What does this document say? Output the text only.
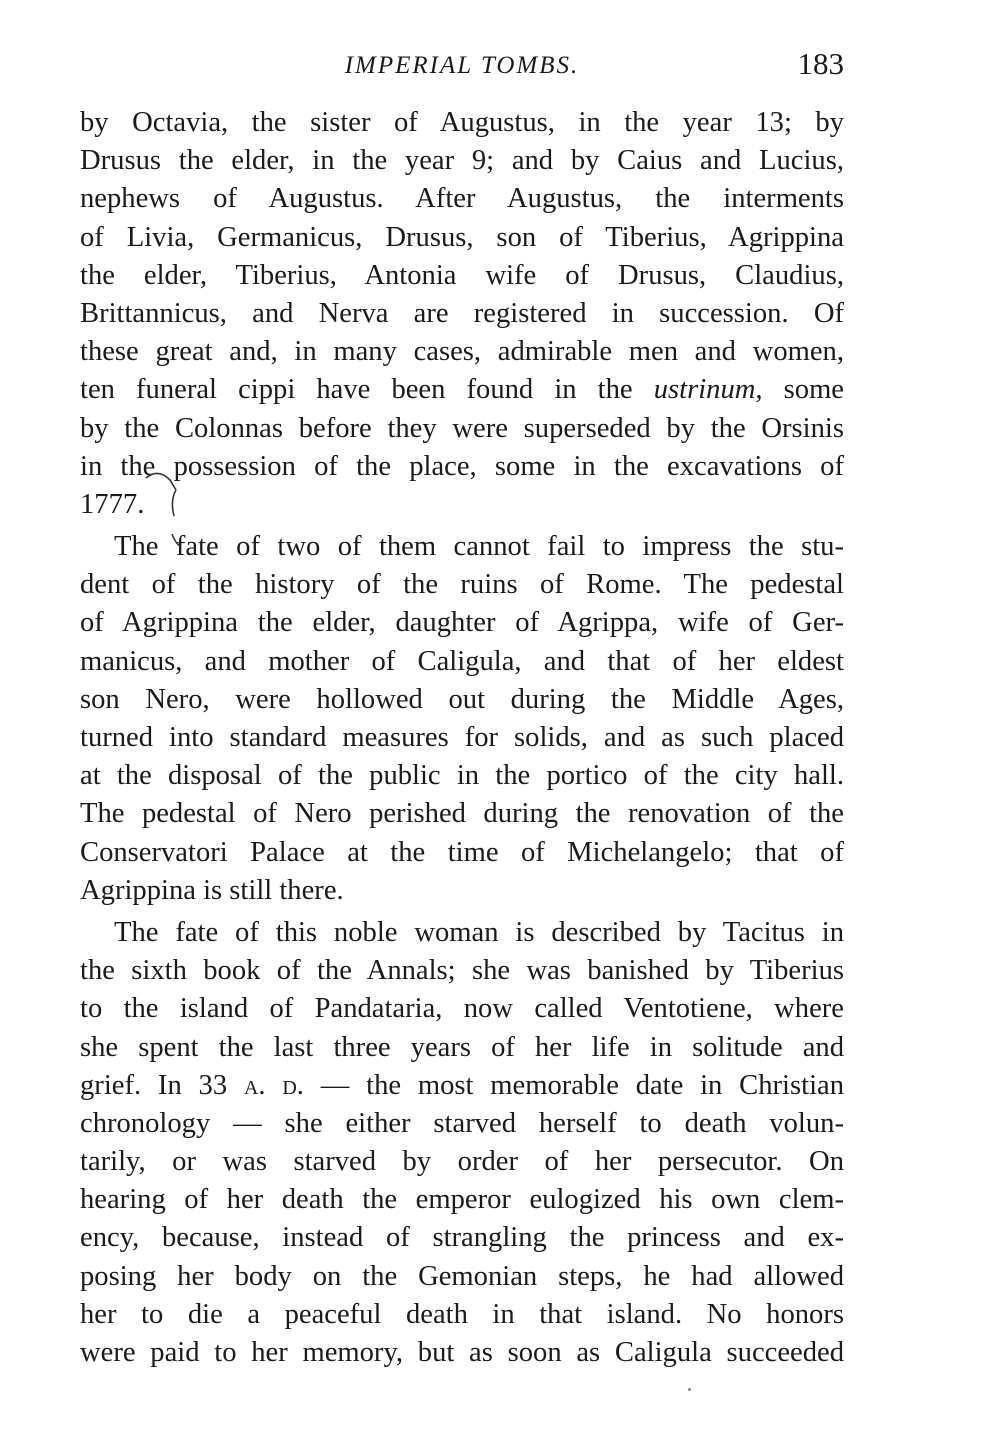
IMPERIAL TOMBS.	183
by Octavia, the sister of Augustus, in the year 13; by
Drusus the elder, in the year 9; and by Caius and Lucius,
nephews of Augustus. After Augustus, the interments
of Livia, Germanicus, Drusus, son of Tiberius, Agrippina
the elder, Tiberius, Antonia wife of Drusus, Claudius,
Brittannicus, and Nerva are registered in succession. Of
these great and, in many cases, admirable men and women,
ten funeral cippi have been found in the ustrinum, some
by the Colonnas before they were superseded by the Orsinis
in the possession of the place, some in the excavations of
1777.
The fate of two of them cannot fail to impress the stu-
dent of the history of the ruins of Rome. The pedestal
of Agrippina the elder, daughter of Agrippa, wife of Ger-
manicus, and mother of Caligula, and that of her eldest
son Nero, were hollowed out during the Middle Ages,
turned into standard measures for solids, and as such placed
at the disposal of the public in the portico of the city hall.
The pedestal of Nero perished during the renovation of the
Conservatori Palace at the time of Michelangelo; that of
Agrippina is still there.
The fate of this noble woman is described by Tacitus in
the sixth book of the Annals; she was banished by Tiberius
to the island of Pandataria, now called Ventotiene, where
she spent the last three years of her life in solitude and
grief. In 33 a. d. — the most memorable date in Christian
chronology — she either starved herself to death volun-
tarily, or was starved by order of her persecutor. On
hearing of her death the emperor eulogized his own clem-
ency, because, instead of strangling the princess and ex-
posing her body on the Gemonian steps, he had allowed
her to die a peaceful death in that island. No honors
were paid to her memory, but as soon as Caligula succeeded
